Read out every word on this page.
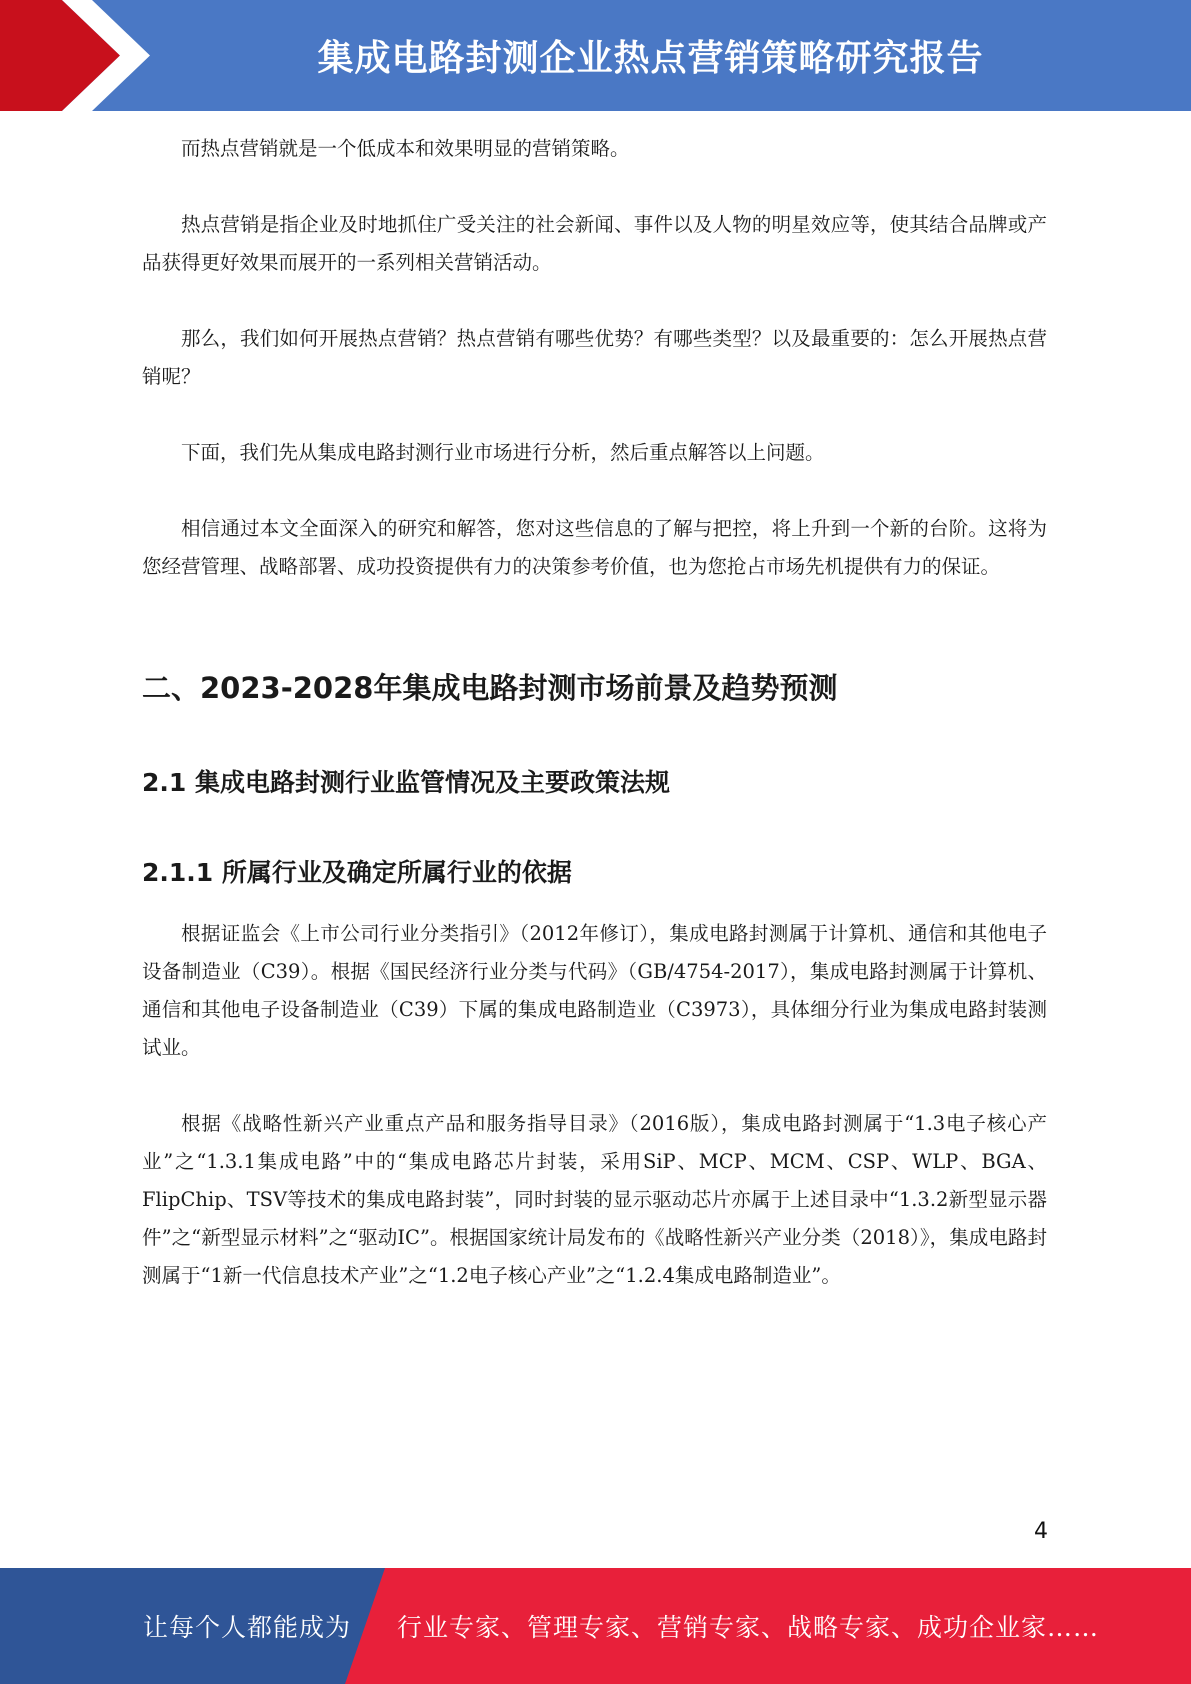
集成电路封测企业热点营销策略研究报告

而热点营销就是一个低成本和效果明显的营销策略。

热点营销是指企业及时地抓住广受关注的社会新闻、事件以及人物的明星效应等，使其结合品牌或产品获得更好效果而展开的一系列相关营销活动。

那么，我们如何开展热点营销？热点营销有哪些优势？有哪些类型？以及最重要的：怎么开展热点营销呢？

下面，我们先从集成电路封测行业市场进行分析，然后重点解答以上问题。

相信通过本文全面深入的研究和解答，您对这些信息的了解与把控，将上升到一个新的台阶。这将为您经营管理、战略部署、成功投资提供有力的决策参考价值，也为您抢占市场先机提供有力的保证。

二、2023-2028年集成电路封测市场前景及趋势预测
2.1 集成电路封测行业监管情况及主要政策法规
2.1.1 所属行业及确定所属行业的依据

根据证监会《上市公司行业分类指引》（2012年修订），集成电路封测属于计算机、通信和其他电子设备制造业（C39）。根据《国民经济行业分类与代码》（GB/4754-2017），集成电路封测属于计算机、通信和其他电子设备制造业（C39）下属的集成电路制造业（C3973），具体细分行业为集成电路封装测试业。

根据《战略性新兴产业重点产品和服务指导目录》（2016版），集成电路封测属于“1.3电子核心产业”之“1.3.1集成电路”中的“集成电路芯片封装，采用SiP、MCP、MCM、CSP、WLP、BGA、FlipChip、TSV等技术的集成电路封装”，同时封装的显示驱动芯片亦属于上述目录中“1.3.2新型显示器件”之“新型显示材料”之“驱动IC”。根据国家统计局发布的《战略性新兴产业分类（2018）》，集成电路封测属于“1新一代信息技术产业”之“1.2电子核心产业”之“1.2.4集成电路制造业”。

4
让每个人都能成为 行业专家、管理专家、营销专家、战略专家、成功企业家……
